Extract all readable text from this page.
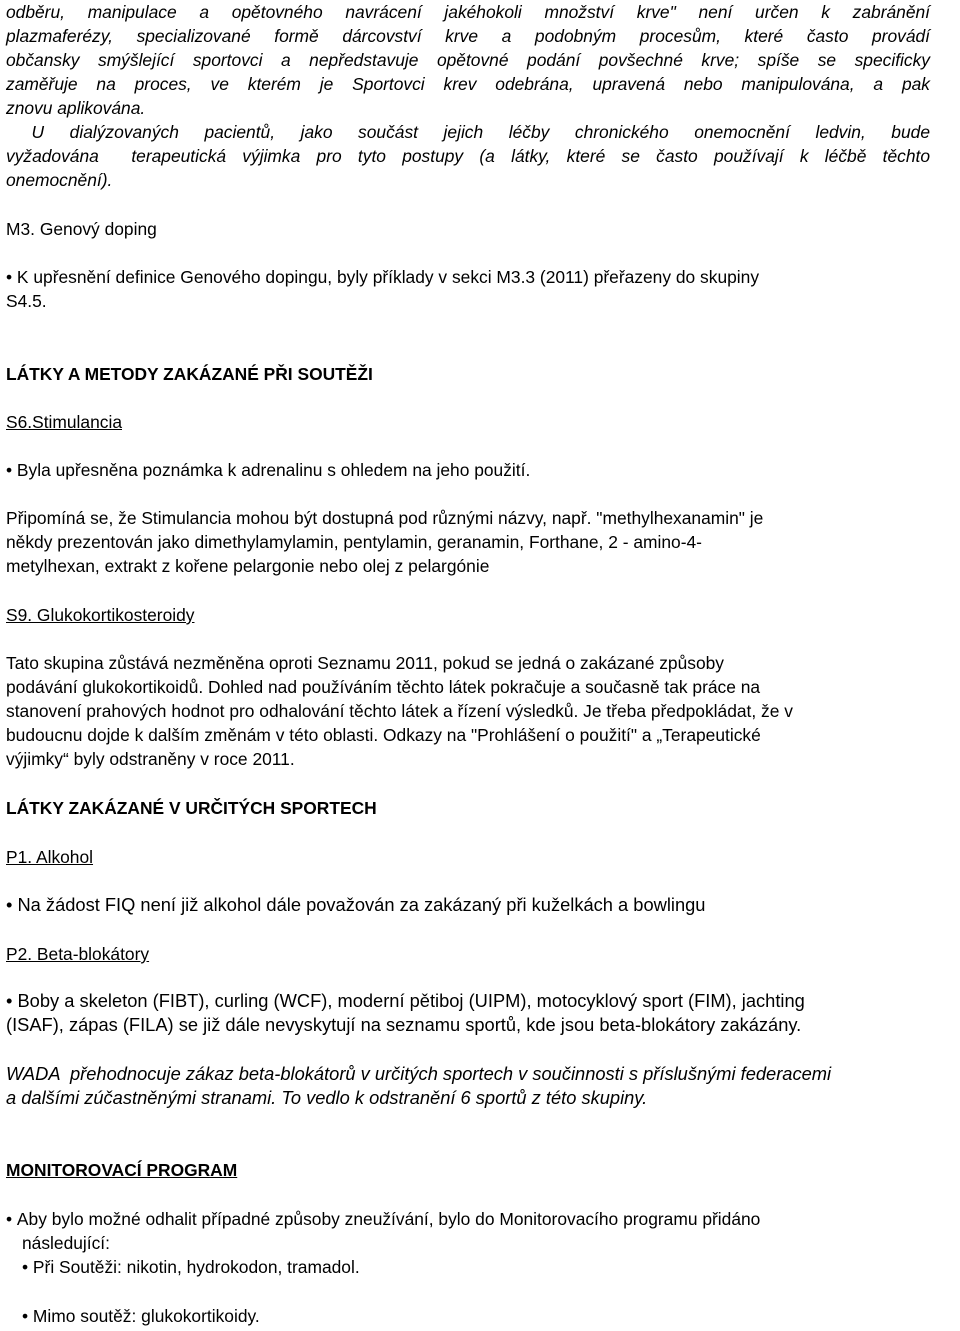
odběru, manipulace a opětovného navrácení jakéhokoli množství krve" není určen k zabránění

plazmaferézy, specializované formě dárcovství krve a podobným procesům, které často provádí

občansky smýšlející sportovci a nepředstavuje opětovné podání povšechné krve; spíše se specificky

zaměřuje na proces, ve kterém je Sportovci krev odebrána, upravená nebo manipulována, a pak

znovu aplikována.

U dialýzovaných pacientů, jako součást jejich léčby chronického onemocnění ledvin, bude

vyžadována  terapeutická výjimka pro tyto postupy (a látky, které se často používají k léčbě těchto

onemocnění).

M3. Genový doping

• K upřesnění definice Genového dopingu, byly příklady v sekci M3.3 (2011) přeřazeny do skupiny

S4.5.

LÁTKY A METODY ZAKÁZANÉ PŘI SOUTĚŽI

S6.Stimulancia

• Byla upřesněna poznámka k adrenalinu s ohledem na jeho použití.

Připomíná se, že Stimulancia mohou být dostupná pod různými názvy, např. "methylhexanamin" je

někdy prezentován jako dimethylamylamin, pentylamin, geranamin, Forthane, 2 - amino-4-

metylhexan, extrakt z kořene pelargonie nebo olej z pelargónie

S9. Glukokortikosteroidy

Tato skupina zůstává nezměněna oproti Seznamu 2011, pokud se jedná o zakázané způsoby

podávání glukokortikoidů. Dohled nad používáním těchto látek pokračuje a současně tak práce na

stanovení prahových hodnot pro odhalování těchto látek a řízení výsledků. Je třeba předpokládat, že v

budoucnu dojde k dalším změnám v této oblasti. Odkazy na "Prohlášení o použití" a „Terapeutické

výjimky“ byly odstraněny v roce 2011.

LÁTKY ZAKÁZANÉ V URČITÝCH SPORTECH

P1. Alkohol

• Na žádost FIQ není již alkohol dále považován za zakázaný při kuželkách a bowlingu

P2. Beta-blokátory

• Boby a skeleton (FIBT), curling (WCF), moderní pětiboj (UIPM), motocyklový sport (FIM), jachting

(ISAF), zápas (FILA) se již dále nevyskytují na seznamu sportů, kde jsou beta-blokátory zakázány.

WADA  přehodnocuje zákaz beta-blokátorů v určitých sportech v součinnosti s příslušnými federacemi

a dalšími zúčastněnými stranami. To vedlo k odstranění 6 sportů z této skupiny.

MONITOROVACÍ PROGRAM

• Aby bylo možné odhalit případné způsoby zneužívání, bylo do Monitorovacího programu přidáno

následující:

• Při Soutěži: nikotin, hydrokodon, tramadol.

• Mimo soutěž: glukokortikoidy.
